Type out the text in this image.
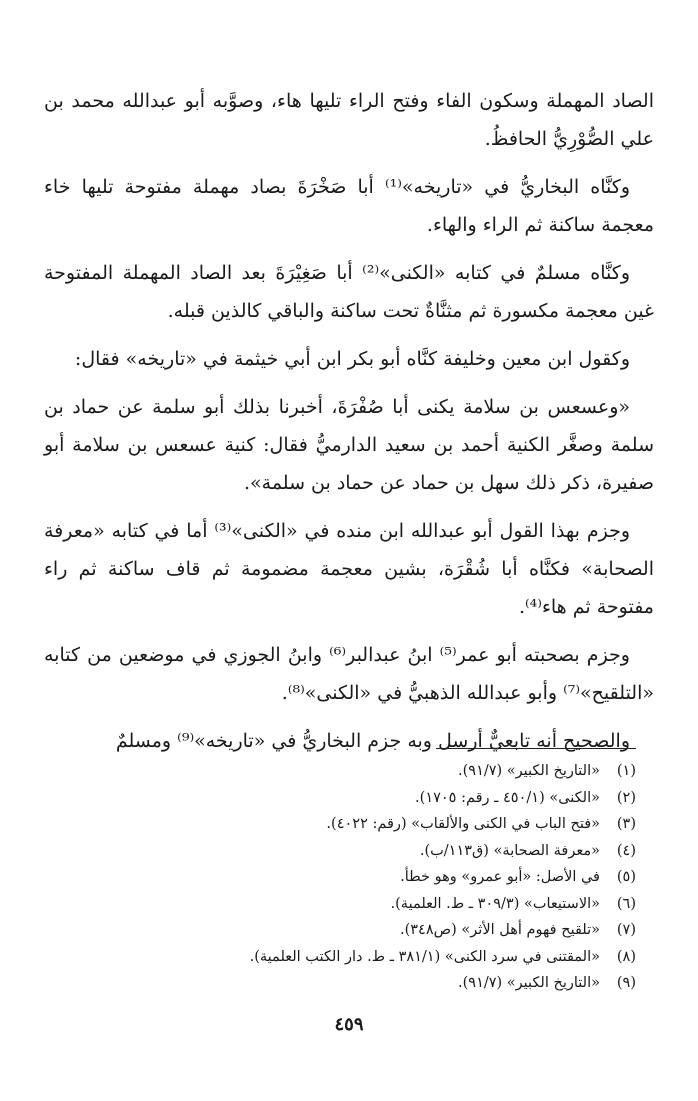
الصاد المهملة وسكون الفاء وفتح الراء تليها هاء، وصوَّبه أبو عبدالله محمد بن علي الصُّوْرِيُّ الحافظُ.

وكنَّاه البخاريُّ في «تاريخه»⁽¹⁾ أبا صَخْرَةَ بصاد مهملة مفتوحة تليها خاء معجمة ساكنة ثم الراء والهاء.

وكنَّاه مسلمٌ في كتابه «الكنى»⁽²⁾ أبا صَغِيْرَةَ بعد الصاد المهملة المفتوحة غين معجمة مكسورة ثم مثنَّاةٌ تحت ساكنة والباقي كالذين قبله.

وكقول ابن معين وخليفة كنَّاه أبو بكر ابن أبي خيثمة في «تاريخه» فقال:

«وعسعس بن سلامة يكنى أبا صُفْرَةَ، أخبرنا بذلك أبو سلمة عن حماد بن سلمة وصغَّر الكنية أحمد بن سعيد الدارميُّ فقال: كنية عسعس بن سلامة أبو صفيرة، ذكر ذلك سهل بن حماد عن حماد بن سلمة».

وجزم بهذا القول أبو عبدالله ابن منده في «الكنى»⁽³⁾ أما في كتابه «معرفة الصحابة» فكنَّاه أبا شُقْرَة، بشين معجمة مضمومة ثم قاف ساكنة ثم راء مفتوحة ثم هاء⁽⁴⁾.

وجزم بصحبته أبو عمر⁽⁵⁾ ابنُ عبدالبر⁽⁶⁾ وابنُ الجوزي في موضعين من كتابه «التلقيح»⁽⁷⁾ وأبو عبدالله الذهبيُّ في «الكنى»⁽⁸⁾.

والصحيح أنه تابعيٌّ أرسل وبه جزم البخاريُّ في «تاريخه»⁽⁹⁾ ومسلمٌ

(١)«التاريخ الكبير» (٩١/٧).
(٢)«الكنى» (٤٥٠/١ ـ رقم: ١٧٠٥).
(٣)«فتح الباب في الكنى والألقاب» (رقم: ٤٠٢٢).
(٤)«معرفة الصحابة» (ق١١٣/ب).
(٥)في الأصل: «أبو عمرو» وهو خطأ.
(٦)«الاستيعاب» (٣٠٩/٣ ـ ط. العلمية).
(٧)«تلقيح فهوم أهل الأثر» (ص٣٤٨).
(٨)«المقتنى في سرد الكنى» (٣٨١/١ ـ ط. دار الكتب العلمية).
(٩)«التاريخ الكبير» (٩١/٧).
٤٥٩
